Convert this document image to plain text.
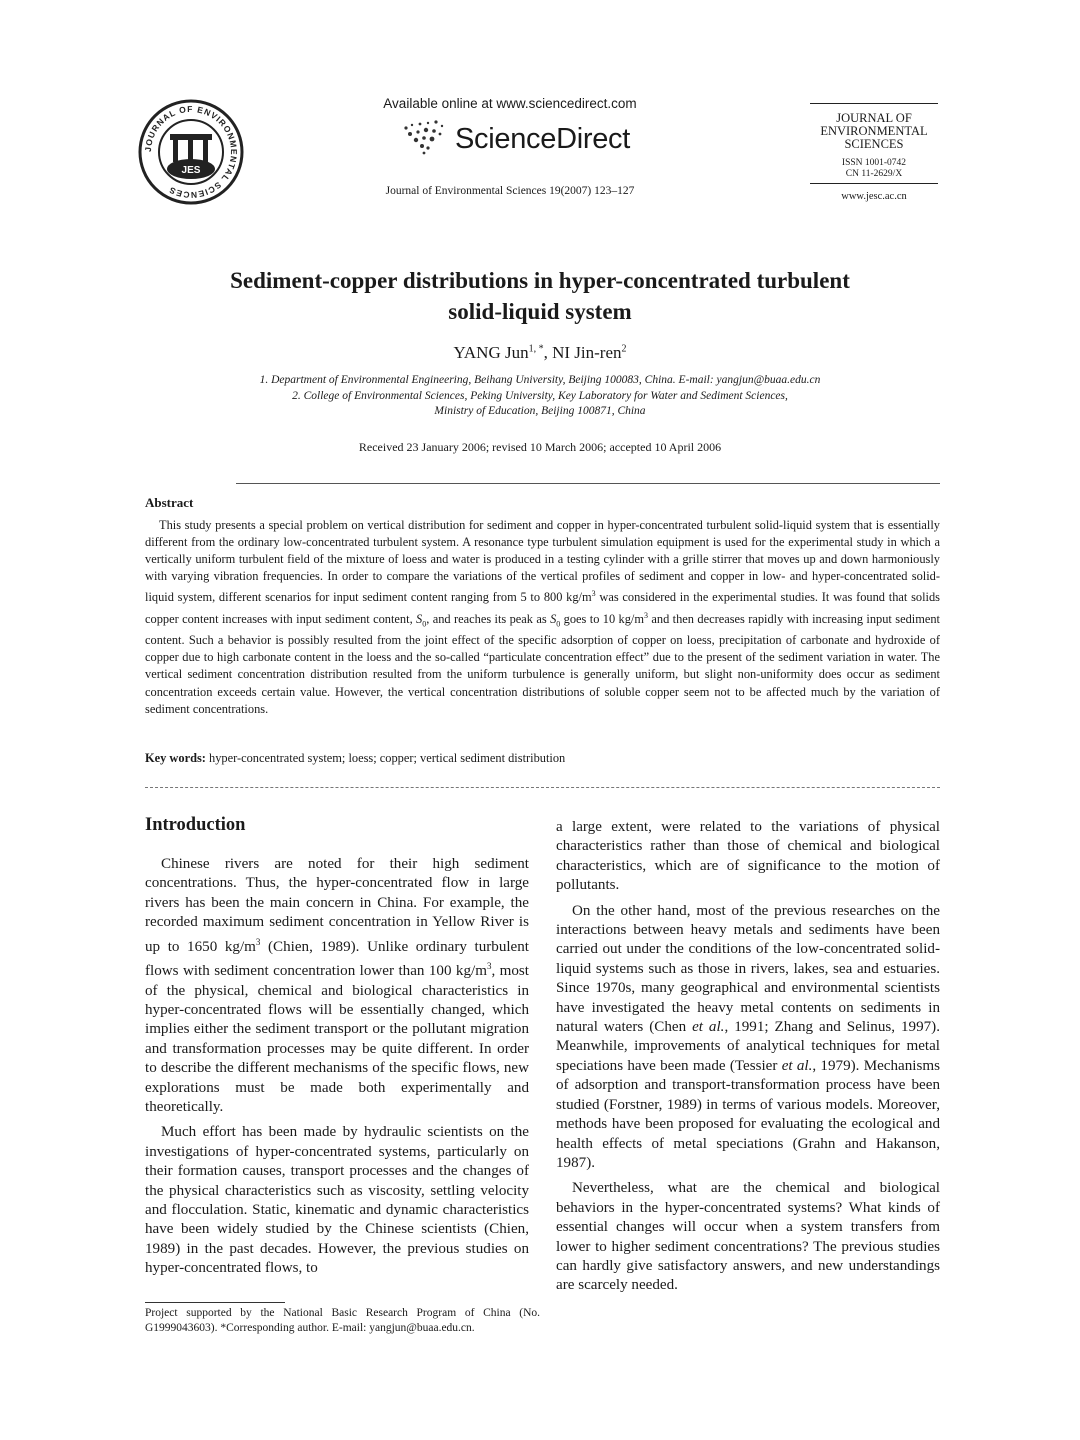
JOURNAL OF ENVIRONMENTAL SCIENCES
JES
Available online at www.sciencedirect.com
ScienceDirect
Journal of Environmental Sciences 19(2007) 123–127
JOURNAL OF
ENVIRONMENTAL
SCIENCES
ISSN 1001-0742
CN 11-2629/X
www.jesc.ac.cn
Sediment-copper distributions in hyper-concentrated turbulent
solid-liquid system
YANG Jun$^{1, *}$, NI Jin-ren$^2$
1. Department of Environmental Engineering, Beihang University, Beijing 100083, China. E-mail: yangjun@buaa.edu.cn
2. College of Environmental Sciences, Peking University, Key Laboratory for Water and Sediment Sciences,
Ministry of Education, Beijing 100871, China
Received 23 January 2006; revised 10 March 2006; accepted 10 April 2006
Abstract
This study presents a special problem on vertical distribution for sediment and copper in hyper-concentrated turbulent solid-liquid system that is essentially different from the ordinary low-concentrated turbulent system. A resonance type turbulent simulation equipment is used for the experimental study in which a vertically uniform turbulent field of the mixture of loess and water is produced in a testing cylinder with a grille stirrer that moves up and down harmoniously with varying vibration frequencies. In order to compare the variations of the vertical profiles of sediment and copper in low- and hyper-concentrated solid-liquid system, different scenarios for input sediment content ranging from 5 to 800 $kg/m^3$ was considered in the experimental studies. It was found that solids copper content increases with input sediment content, $S_0$, and reaches its peak as $S_0$ goes to 10 $kg/m^3$ and then decreases rapidly with increasing input sediment content. Such a behavior is possibly resulted from the joint effect of the specific adsorption of copper on loess, precipitation of carbonate and hydroxide of copper due to high carbonate content in the loess and the so-called “particulate concentration effect” due to the present of the sediment variation in water. The vertical sediment concentration distribution resulted from the uniform turbulence is generally uniform, but slight non-uniformity does occur as sediment concentration exceeds certain value. However, the vertical concentration distributions of soluble copper seem not to be affected much by the variation of sediment concentrations.
Key words: hyper-concentrated system; loess; copper; vertical sediment distribution
Introduction

Chinese rivers are noted for their high sediment concentrations. Thus, the hyper-concentrated flow in large rivers has been the main concern in China. For example, the recorded maximum sediment concentration in Yellow River is up to 1650 $kg/m^3$ (Chien, 1989). Unlike ordinary turbulent flows with sediment concentration lower than 100 $kg/m^3$, most of the physical, chemical and biological characteristics in hyper-concentrated flows will be essentially changed, which implies either the sediment transport or the pollutant migration and transformation processes may be quite different. In order to describe the different mechanisms of the specific flows, new explorations must be made both experimentally and theoretically.

Much effort has been made by hydraulic scientists on the investigations of hyper-concentrated systems, particularly on their formation causes, transport processes and the changes of the physical characteristics such as viscosity, settling velocity and flocculation. Static, kinematic and dynamic characteristics have been widely studied by the Chinese scientists (Chien, 1989) in the past decades. However, the previous studies on hyper-concentrated flows, to

a large extent, were related to the variations of physical characteristics rather than those of chemical and biological characteristics, which are of significance to the motion of pollutants.

On the other hand, most of the previous researches on the interactions between heavy metals and sediments have been carried out under the conditions of the low-concentrated solid-liquid systems such as those in rivers, lakes, sea and estuaries. Since 1970s, many geographical and environmental scientists have investigated the heavy metal contents on sediments in natural waters (Chen et al., 1991; Zhang and Selinus, 1997). Meanwhile, improvements of analytical techniques for metal speciations have been made (Tessier et al., 1979). Mechanisms of adsorption and transport-transformation process have been studied (Forstner, 1989) in terms of various models. Moreover, methods have been proposed for evaluating the ecological and health effects of metal speciations (Grahn and Hakanson, 1987).

Nevertheless, what are the chemical and biological behaviors in the hyper-concentrated systems? What kinds of essential changes will occur when a system transfers from lower to higher sediment concentrations? The previous studies can hardly give satisfactory answers, and new understandings are scarcely needed.

Project supported by the National Basic Research Program of China (No. G1999043603). *Corresponding author. E-mail: yangjun@buaa.edu.cn.
